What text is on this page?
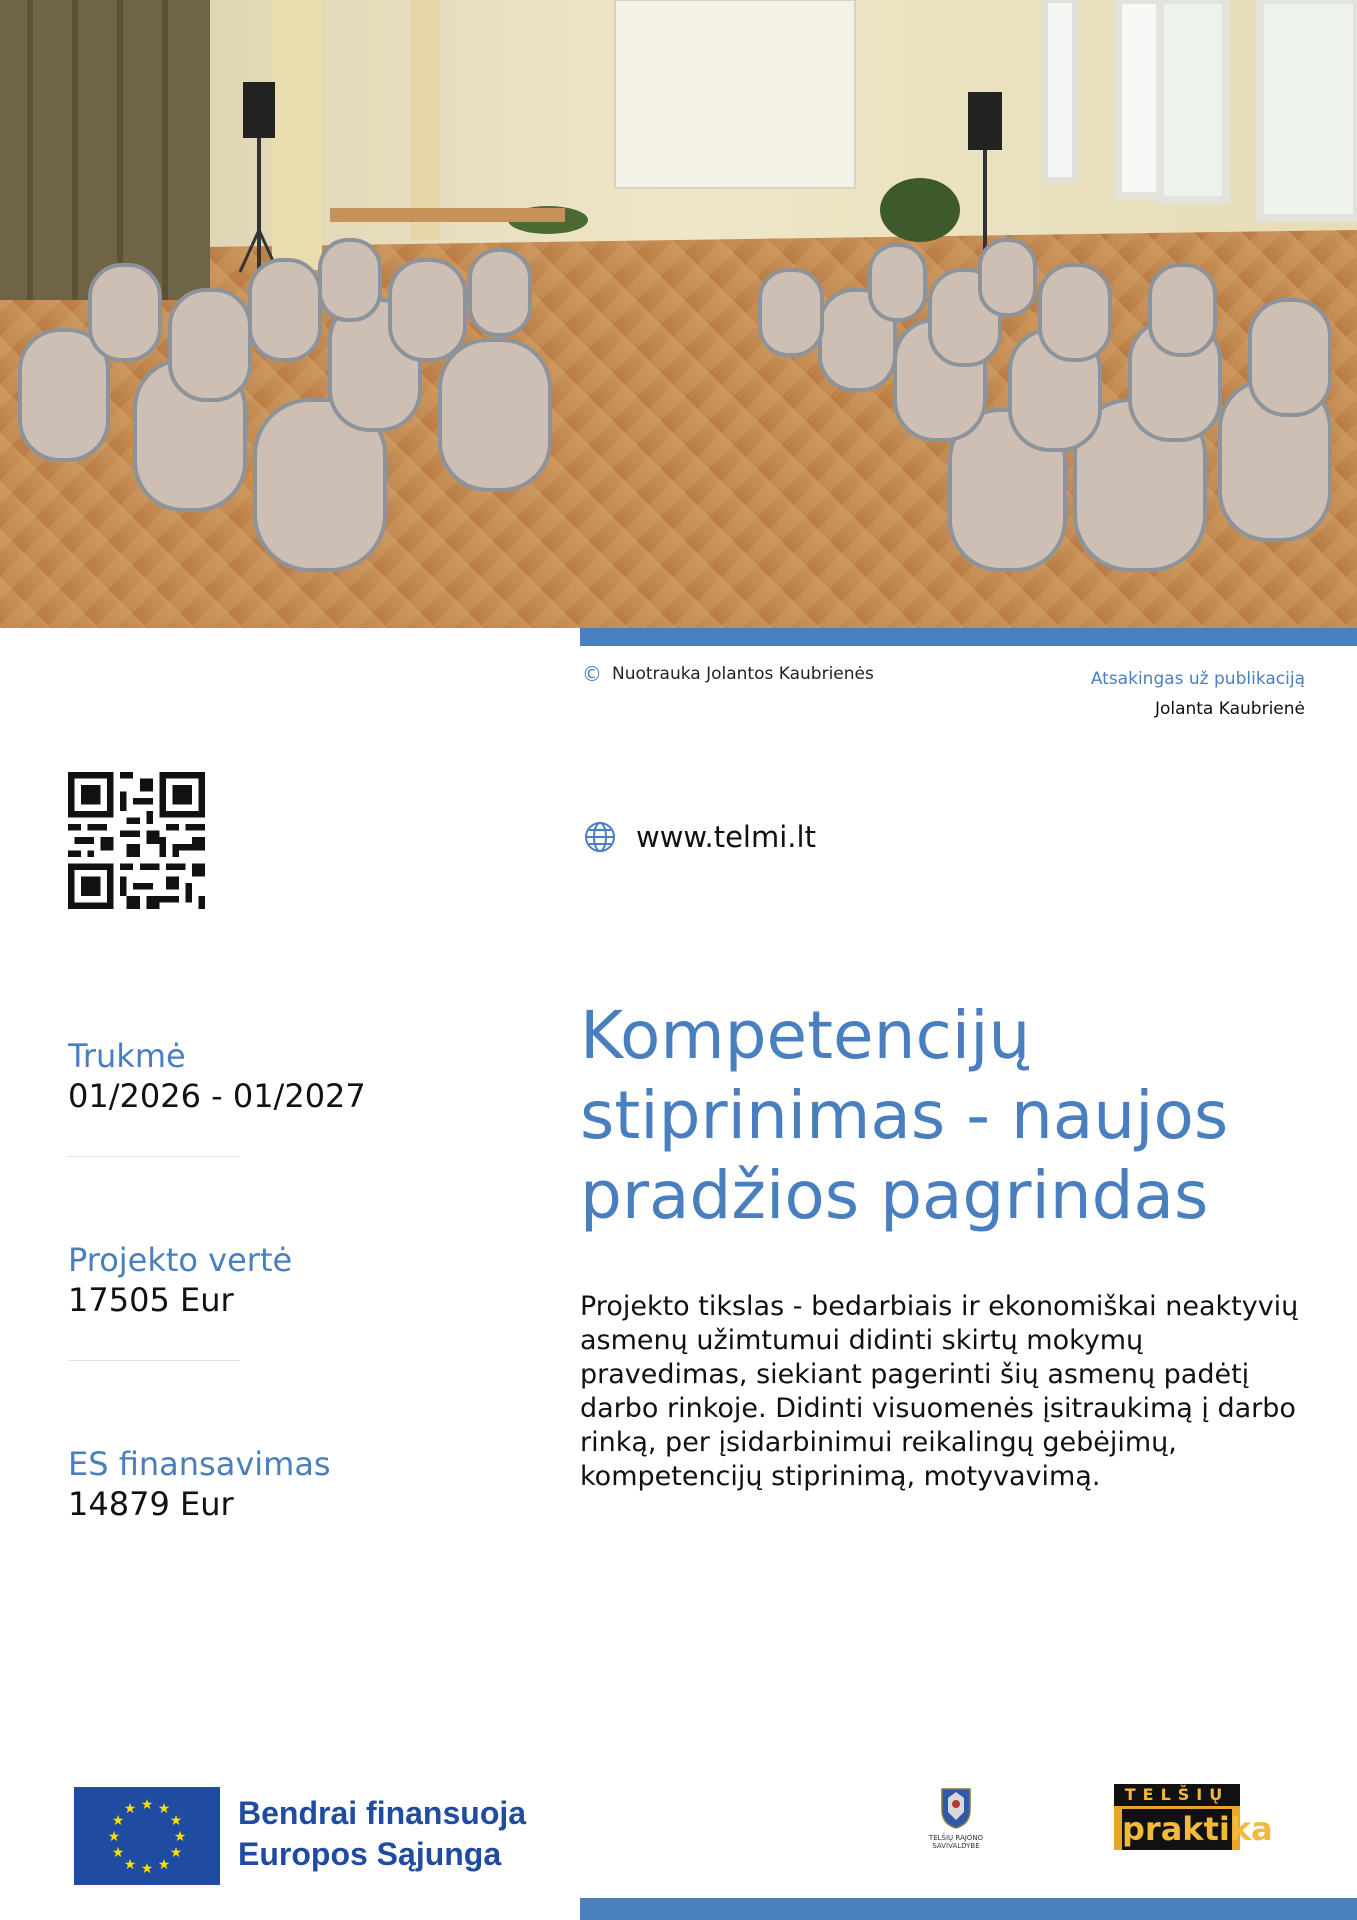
© Nuotrauka Jolantos Kaubrienės	Atsakingas už publikaciją
Jolanta Kaubrienė
www.telmi.lt
Trukmė
01/2026 - 01/2027
Projekto vertė
17505 Eur
ES finansavimas
14879 Eur
Kompetencijų
stiprinimas - naujos
pradžios pagrindas
Projekto tikslas - bedarbiais ir ekonomiškai neaktyvių
asmenų užimtumui didinti skirtų mokymų
pravedimas, siekiant pagerinti šių asmenų padėtį
darbo rinkoje. Didinti visuomenės įsitraukimą į darbo
rinką, per įsidarbinimui reikalingų gebėjimų,
kompetencijų stiprinimą, motyvavimą.
★ ★
★
★
★
★
★
★
★
★
★
★	Bendrai finansuoja
Europos Sąjunga	TELŠIŲ RAJONO
SAVIVALDYBĖ
TELŠIŲ
praktika
